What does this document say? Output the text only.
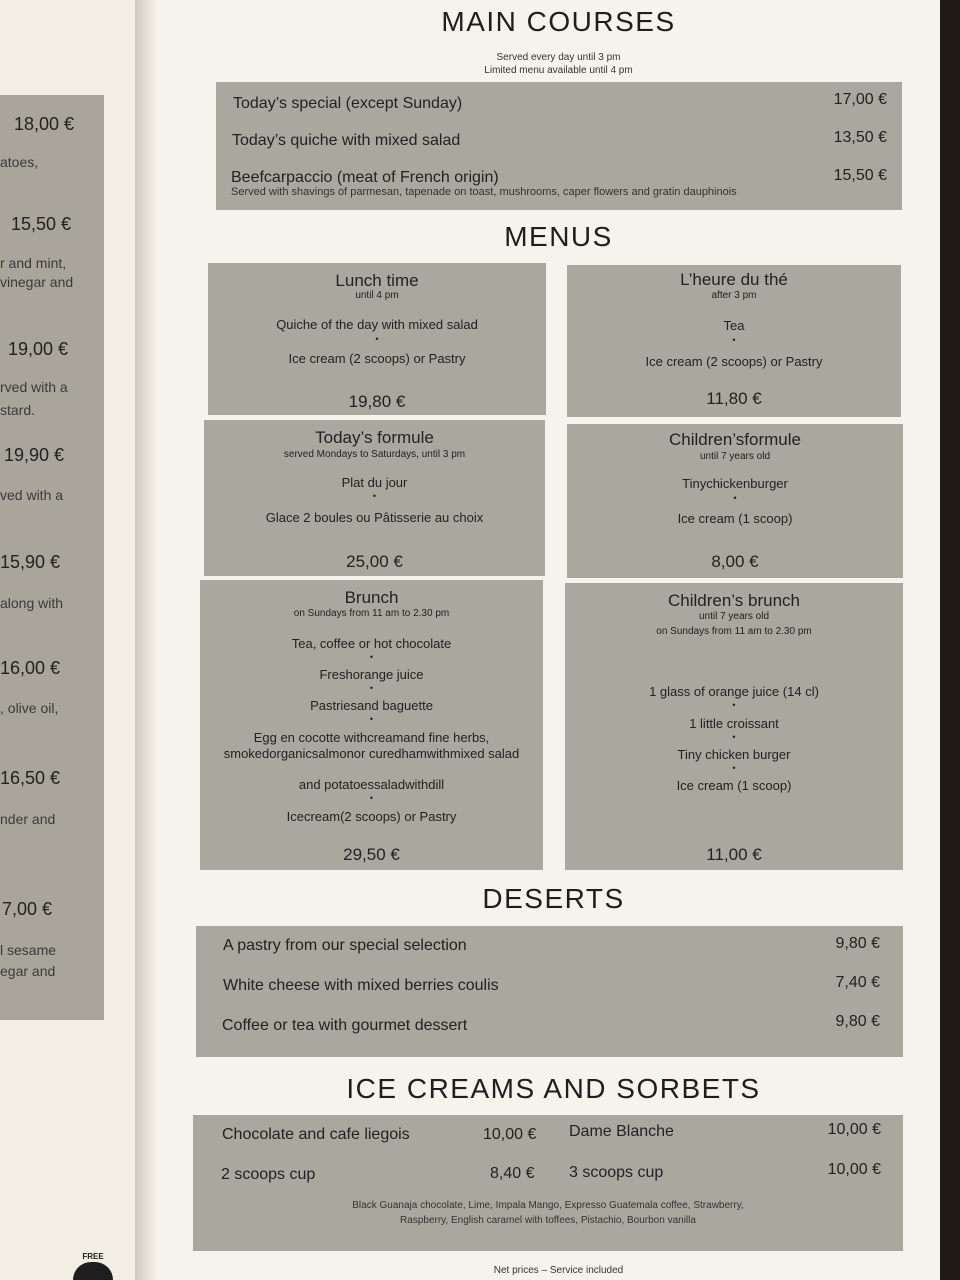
18,00 €
atoes,
15,50 €
r and mint,
vinegar and
19,00 €
rved with a
stard.
19,90 €
ved with a
15,90 €
along with
16,00 €
, olive oil,
16,50 €
nder and
7,00 €
l sesame
egar and
FREE
MAIN COURSES
Served every day until 3 pm
Limited menu available until 4 pm
Today’s special (except Sunday)	17,00 €
Today’s quiche with mixed salad	13,50 €
Beefcarpaccio (meat of French origin)
Served with shavings of parmesan, tapenade on toast, mushrooms, caper flowers and gratin dauphinois
15,50 €
MENUS
Lunch time
until 4 pm
Quiche of the day with mixed salad
•
Ice cream (2 scoops) or Pastry
19,80 €
L’heure du thé
after 3 pm
Tea
•
Ice cream (2 scoops) or Pastry
11,80 €
Today’s formule
served Mondays to Saturdays, until 3 pm
Plat du jour
•
Glace 2 boules ou Pâtisserie au choix
25,00 €
Children’sformule
until 7 years old
Tinychickenburger
•
Ice cream (1 scoop)
8,00 €
Brunch
on Sundays from 11 am to 2.30 pm
Tea, coffee or hot chocolate
•
Freshorange juice
•
Pastriesand baguette
•
Egg en cocotte withcreamand fine herbs, smokedorganicsalmonor curedhamwithmixed salad
and potatoessaladwithdill
•
Icecream(2 scoops) or Pastry
29,50 €
Children’s brunch
until 7 years old
on Sundays from 11 am to 2.30 pm
1 glass of orange juice (14 cl)
•
1 little croissant
•
Tiny chicken burger
•
Ice cream (1 scoop)
11,00 €
DESERTS
A pastry from our special selection	9,80 €
White cheese with mixed berries coulis	7,40 €
Coffee or tea with gourmet dessert	9,80 €
ICE CREAMS AND SORBETS
Chocolate and cafe liegois	10,00 € Dame Blanche	10,00 €
2 scoops cup	8,40 € 3 scoops cup	10,00 €
Black Guanaja chocolate, Lime, Impala Mango, Expresso Guatemala coffee, Strawberry,
Raspberry, English caramel with toffees, Pistachio, Bourbon vanilla
Net prices – Service included
